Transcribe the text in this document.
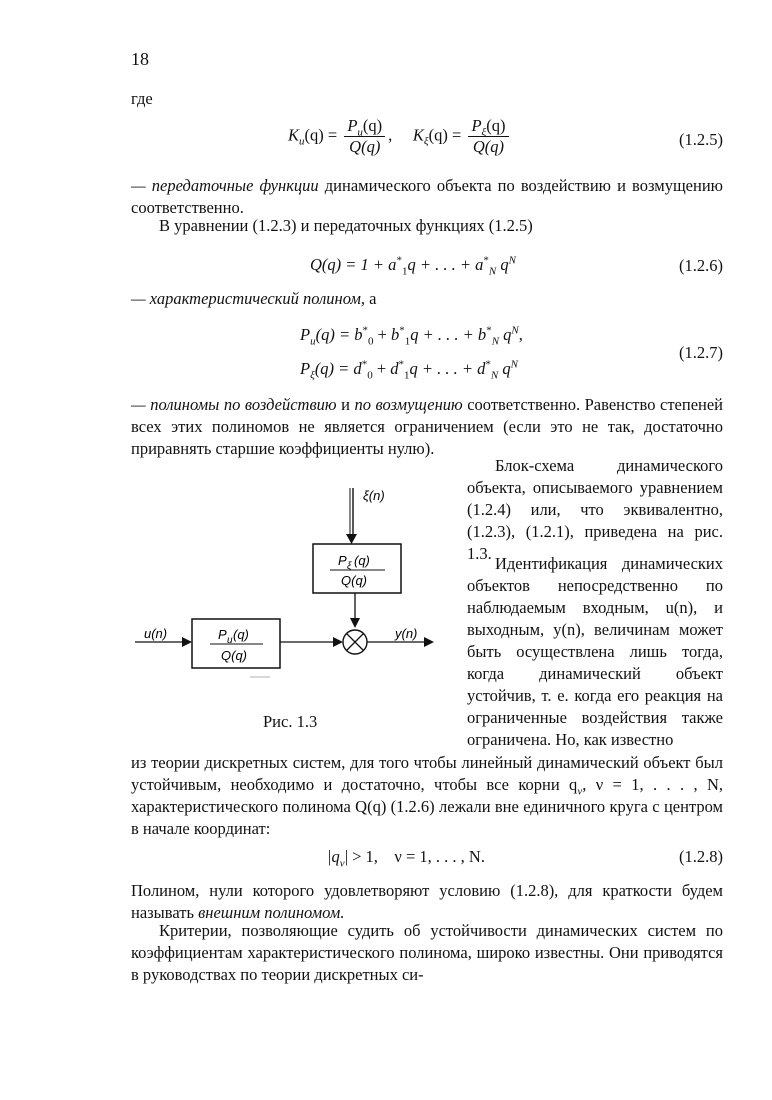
18
где
$K_u(q) = \frac{P_u(q)}{Q(q)}$ ,     $K_\xi(q) = \frac{P_\xi(q)}{Q(q)}$	(1.2.5)
— передаточные функции динамического объекта по воздействию и возмущению соответственно.
В уравнении (1.2.3) и передаточных функциях (1.2.5)
$Q(q) = 1 + a^*_1q$ + . . . + $a^*_N$ $q^N$	(1.2.6)
— характеристический полином, а
$P_u(q) = b^*_0 + b^*_1q$ + . . . + $b^*_N$ $q^N$,
$P_\xi(q) = d^*_0 + d^*_1q$ + . . . + $d^*_N$ $q^N$
(1.2.7)
— полиномы по воздействию и по возмущению соответственно. Равенство степеней всех этих полиномов не является ограничением (если это не так, достаточно приравнять старшие коэффициенты нулю).
ξ(n)
P ξ (q)
Q(q)
u(n)	P u (q)
Q(q)
y(n)
Рис. 1.3
Блок-схема динамического объекта, описываемого уравнением (1.2.4) или, что эквивалентно, (1.2.3), (1.2.1), приведена на рис. 1.3.
Идентификация динамических объектов непосредственно по наблюдаемым входным, u(n), и выходным, y(n), величинам может быть осуществлена лишь тогда, когда динамический объект устойчив, т. е. когда его реакция на ограниченные воздействия также ограничена. Но, как известно
из теории дискретных систем, для того чтобы линейный динамический объект был устойчивым, необходимо и достаточно, чтобы все корни $q_\nu$, ν = 1, . . . , N, характеристического полинома Q(q) (1.2.6) лежали вне единичного круга с центром в начале координат:
$|q_\nu| > 1$,    ν = 1, . . . , N.	(1.2.8)
Полином, нули которого удовлетворяют условию (1.2.8), для краткости будем называть внешним полиномом.
Критерии, позволяющие судить об устойчивости динамических систем по коэффициентам характеристического полинома, широко известны. Они приводятся в руководствах по теории дискретных си-
